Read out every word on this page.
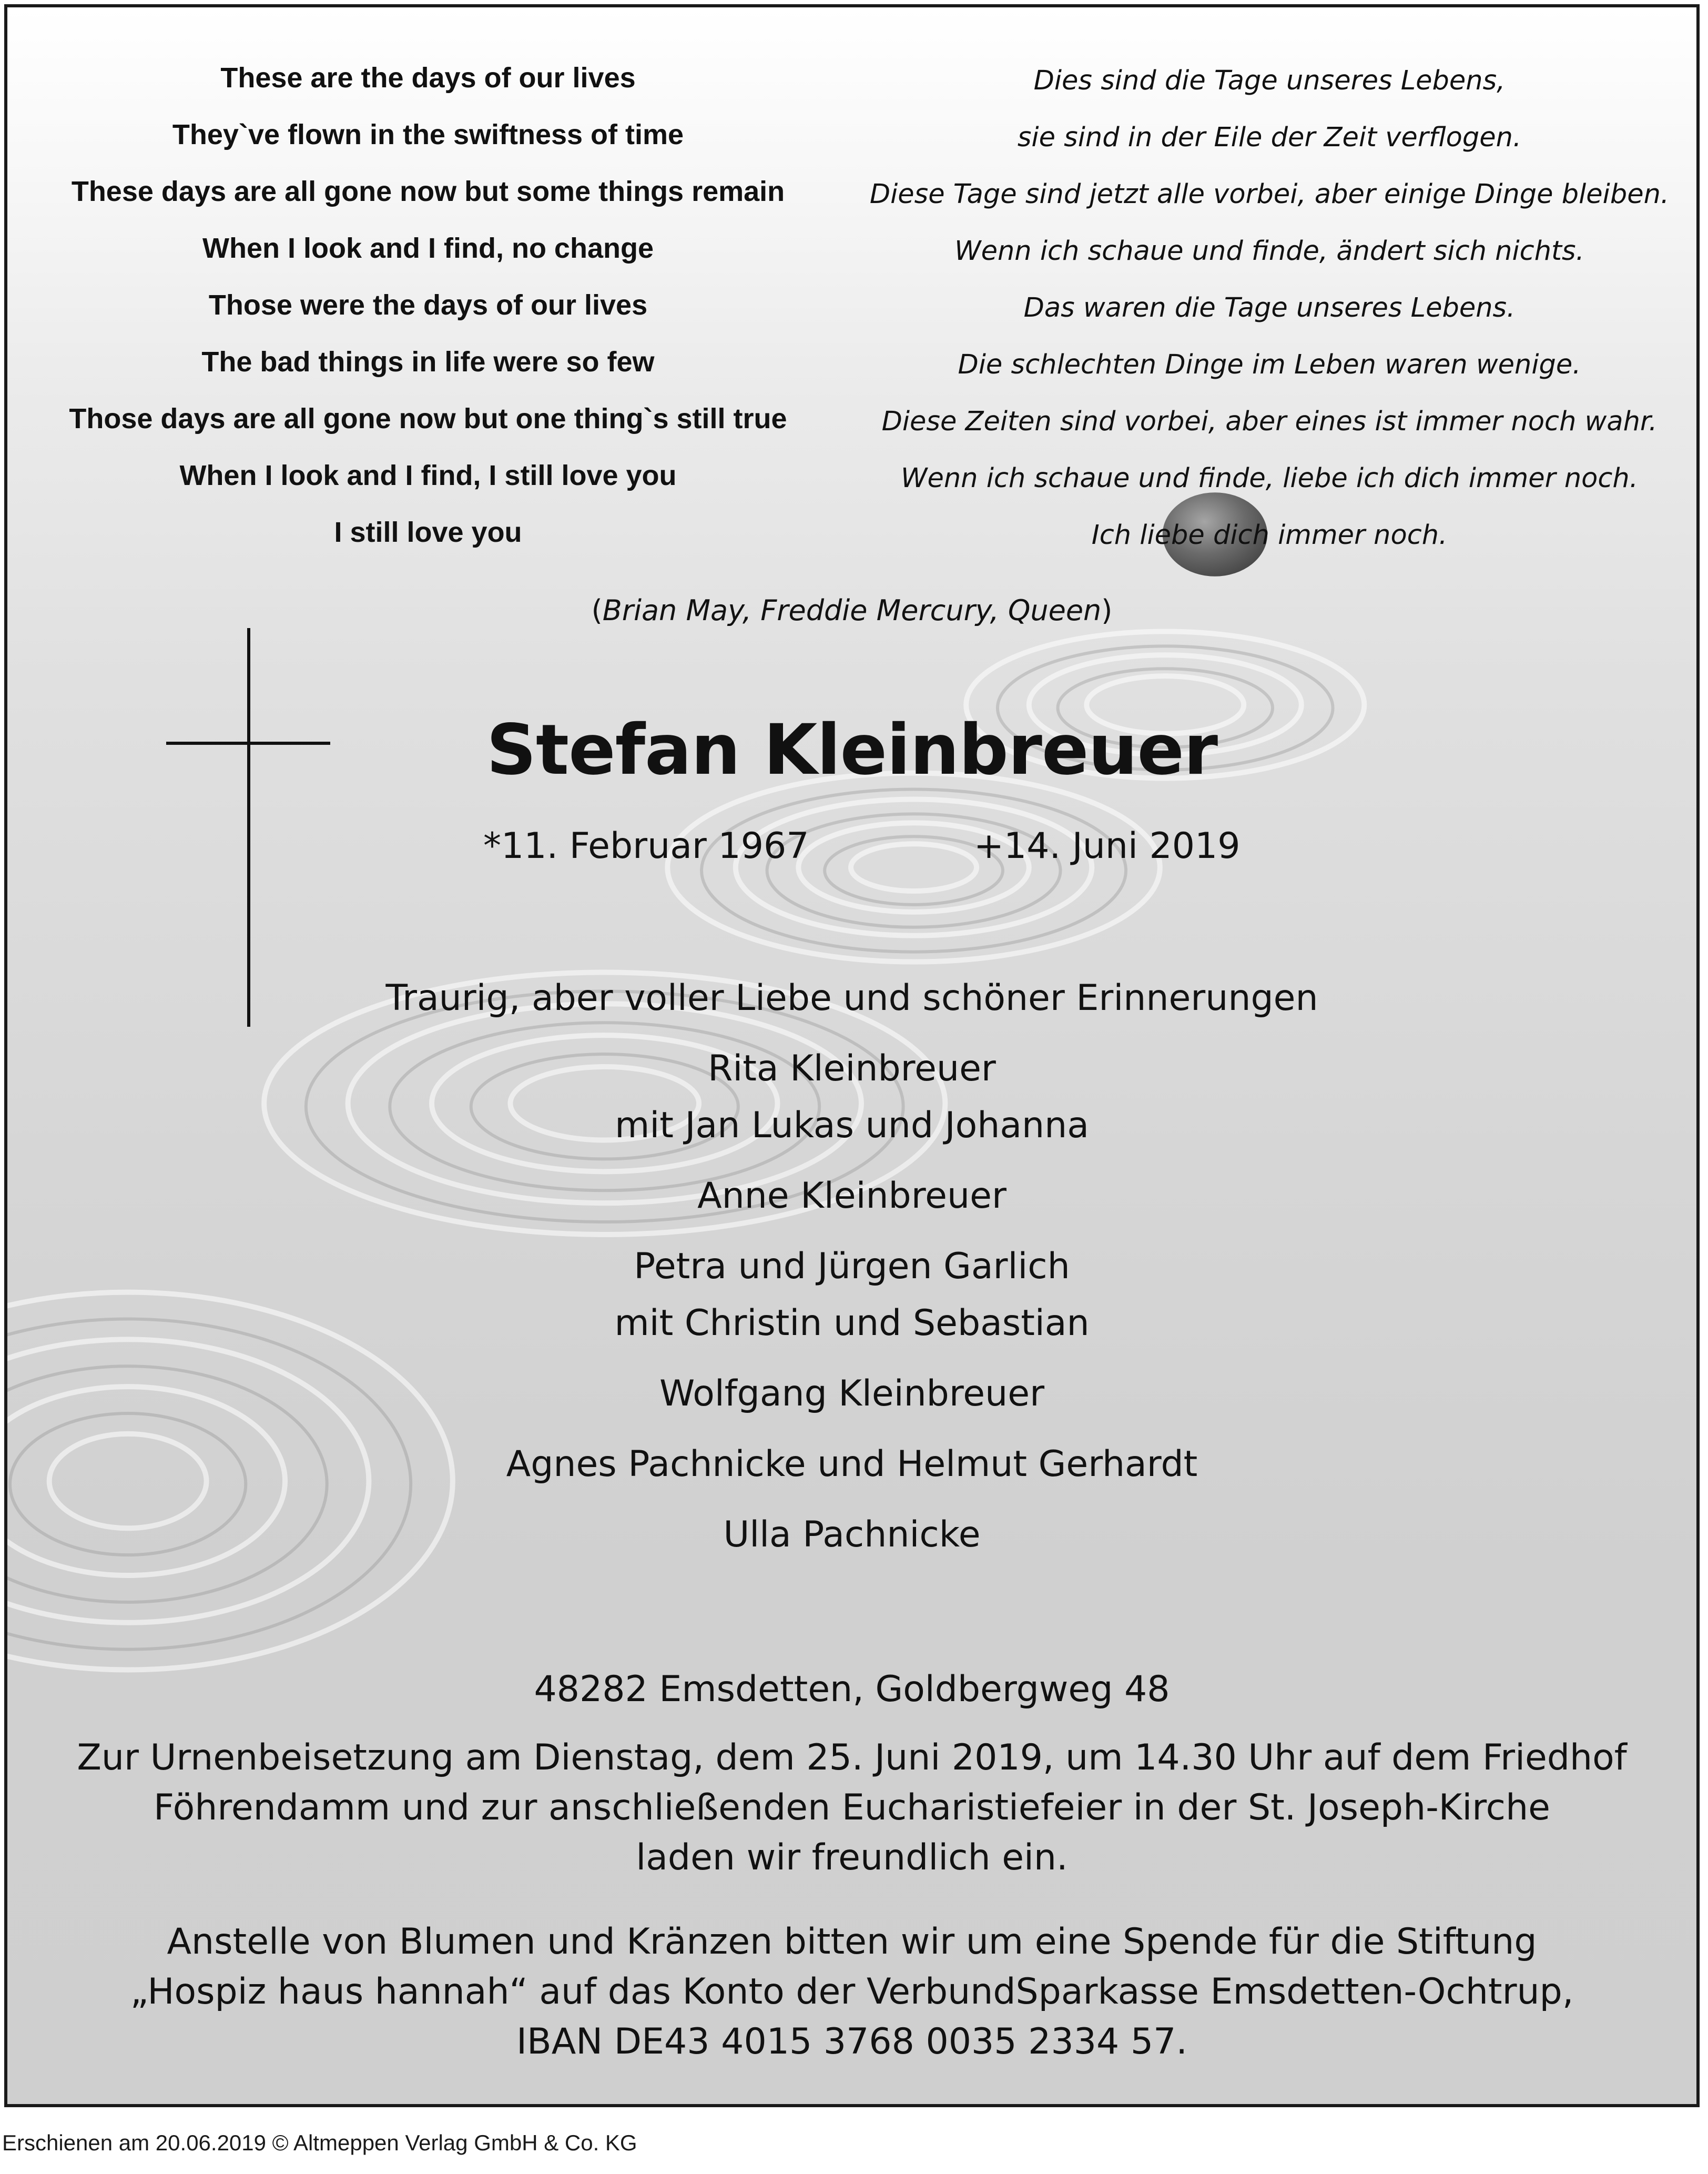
These are the days of our lives
They`ve flown in the swiftness of time
These days are all gone now but some things remain
When I look and I find, no change
Those were the days of our lives
The bad things in life were so few
Those days are all gone now but one thing`s still true
When I look and I find, I still love you
I still love you
Dies sind die Tage unseres Lebens,
sie sind in der Eile der Zeit verflogen.
Diese Tage sind jetzt alle vorbei, aber einige Dinge bleiben.
Wenn ich schaue und finde, ändert sich nichts.
Das waren die Tage unseres Lebens.
Die schlechten Dinge im Leben waren wenige.
Diese Zeiten sind vorbei, aber eines ist immer noch wahr.
Wenn ich schaue und finde, liebe ich dich immer noch.
Ich liebe dich immer noch.
(Brian May, Freddie Mercury, Queen)
Stefan Kleinbreuer
*11. Februar 1967	+14. Juni 2019
Traurig, aber voller Liebe und schöner Erinnerungen
Rita Kleinbreuer
mit Jan Lukas und Johanna
Anne Kleinbreuer
Petra und Jürgen Garlich
mit Christin und Sebastian
Wolfgang Kleinbreuer
Agnes Pachnicke und Helmut Gerhardt
Ulla Pachnicke
48282 Emsdetten, Goldbergweg 48
Zur Urnenbeisetzung am Dienstag, dem 25. Juni 2019, um 14.30 Uhr auf dem Friedhof
Föhrendamm und zur anschließenden Eucharistiefeier in der St. Joseph-Kirche
laden wir freundlich ein.
Anstelle von Blumen und Kränzen bitten wir um eine Spende für die Stiftung
„Hospiz haus hannah“ auf das Konto der VerbundSparkasse Emsdetten-Ochtrup,
IBAN DE43 4015 3768 0035 2334 57.
Erschienen am 20.06.2019 © Altmeppen Verlag GmbH & Co. KG
